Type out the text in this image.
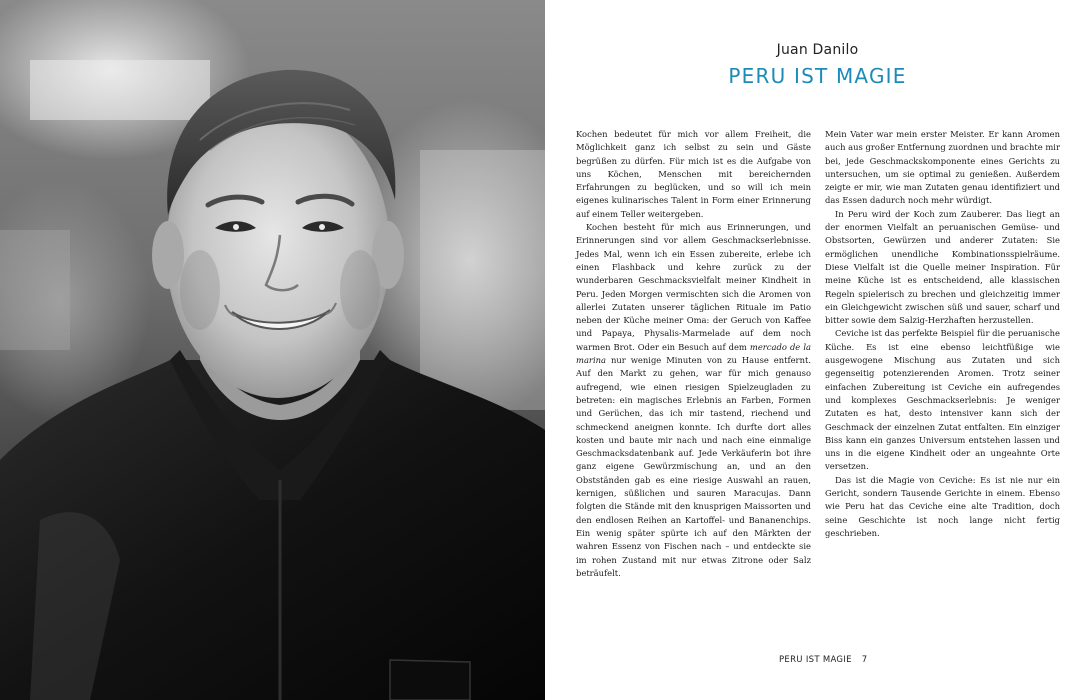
Juan Danilo
PERU IST MAGIE

Kochen bedeutet für mich vor allem Freiheit, die Möglichkeit ganz ich selbst zu sein und Gäste begrüßen zu dürfen. Für mich ist es die Aufgabe von uns Köchen, Menschen mit bereichernden Erfahrungen zu beglücken, und so will ich mein eigenes kulinarisches Talent in Form einer Erinnerung auf einem Teller weitergeben.

Kochen besteht für mich aus Erinnerungen, und Erinnerungen sind vor allem Geschmackserlebnisse. Jedes Mal, wenn ich ein Essen zubereite, erlebe ich einen Flashback und kehre zurück zu der wunderbaren Geschmacksvielfalt meiner Kindheit in Peru. Jeden Morgen vermischten sich die Aromen von allerlei Zutaten unserer täglichen Rituale im Patio neben der Küche meiner Oma: der Geruch von Kaffee und Papaya, Physalis-Marmelade auf dem noch warmen Brot. Oder ein Besuch auf dem mercado de la marina nur wenige Minuten von zu Hause entfernt. Auf den Markt zu gehen, war für mich genauso aufregend, wie einen riesigen Spielzeugladen zu betreten: ein magisches Erlebnis an Farben, Formen und Gerüchen, das ich mir tastend, riechend und schmeckend aneignen konnte. Ich durfte dort alles kosten und baute mir nach und nach eine einmalige Geschmacksdatenbank auf. Jede Verkäuferin bot ihre ganz eigene Gewürzmischung an, und an den Obstständen gab es eine riesige Auswahl an rauen, kernigen, süßlichen und sauren Maracujas. Dann folgten die Stände mit den knusprigen Maissorten und den endlosen Reihen an Kartoffel- und Bananenchips. Ein wenig später spürte ich auf den Märkten der wahren Essenz von Fischen nach – und entdeckte sie im rohen Zustand mit nur etwas Zitrone oder Salz beträufelt.

Mein Vater war mein erster Meister. Er kann Aromen auch aus großer Entfernung zuordnen und brachte mir bei, jede Geschmackskomponente eines Gerichts zu untersuchen, um sie optimal zu genießen. Außerdem zeigte er mir, wie man Zutaten genau identifiziert und das Essen dadurch noch mehr würdigt.

In Peru wird der Koch zum Zauberer. Das liegt an der enormen Vielfalt an peruanischen Gemüse- und Obstsorten, Gewürzen und anderer Zutaten: Sie ermöglichen unendliche Kombinationsspielräume. Diese Vielfalt ist die Quelle meiner Inspiration. Für meine Küche ist es entscheidend, alle klassischen Regeln spielerisch zu brechen und gleichzeitig immer ein Gleichgewicht zwischen süß und sauer, scharf und bitter sowie dem Salzig-Herzhaften herzustellen.

Ceviche ist das perfekte Beispiel für die peruanische Küche. Es ist eine ebenso leichtfüßige wie ausgewogene Mischung aus Zutaten und sich gegenseitig potenzierenden Aromen. Trotz seiner einfachen Zubereitung ist Ceviche ein aufregendes und komplexes Geschmackserlebnis: Je weniger Zutaten es hat, desto intensiver kann sich der Geschmack der einzelnen Zutat entfalten. Ein einziger Biss kann ein ganzes Universum entstehen lassen und uns in die eigene Kindheit oder an ungeahnte Orte versetzen.

Das ist die Magie von Ceviche: Es ist nie nur ein Gericht, sondern Tausende Gerichte in einem. Ebenso wie Peru hat das Ceviche eine alte Tradition, doch seine Geschichte ist noch lange nicht fertig geschrieben.

PERU IST MAGIE 7
